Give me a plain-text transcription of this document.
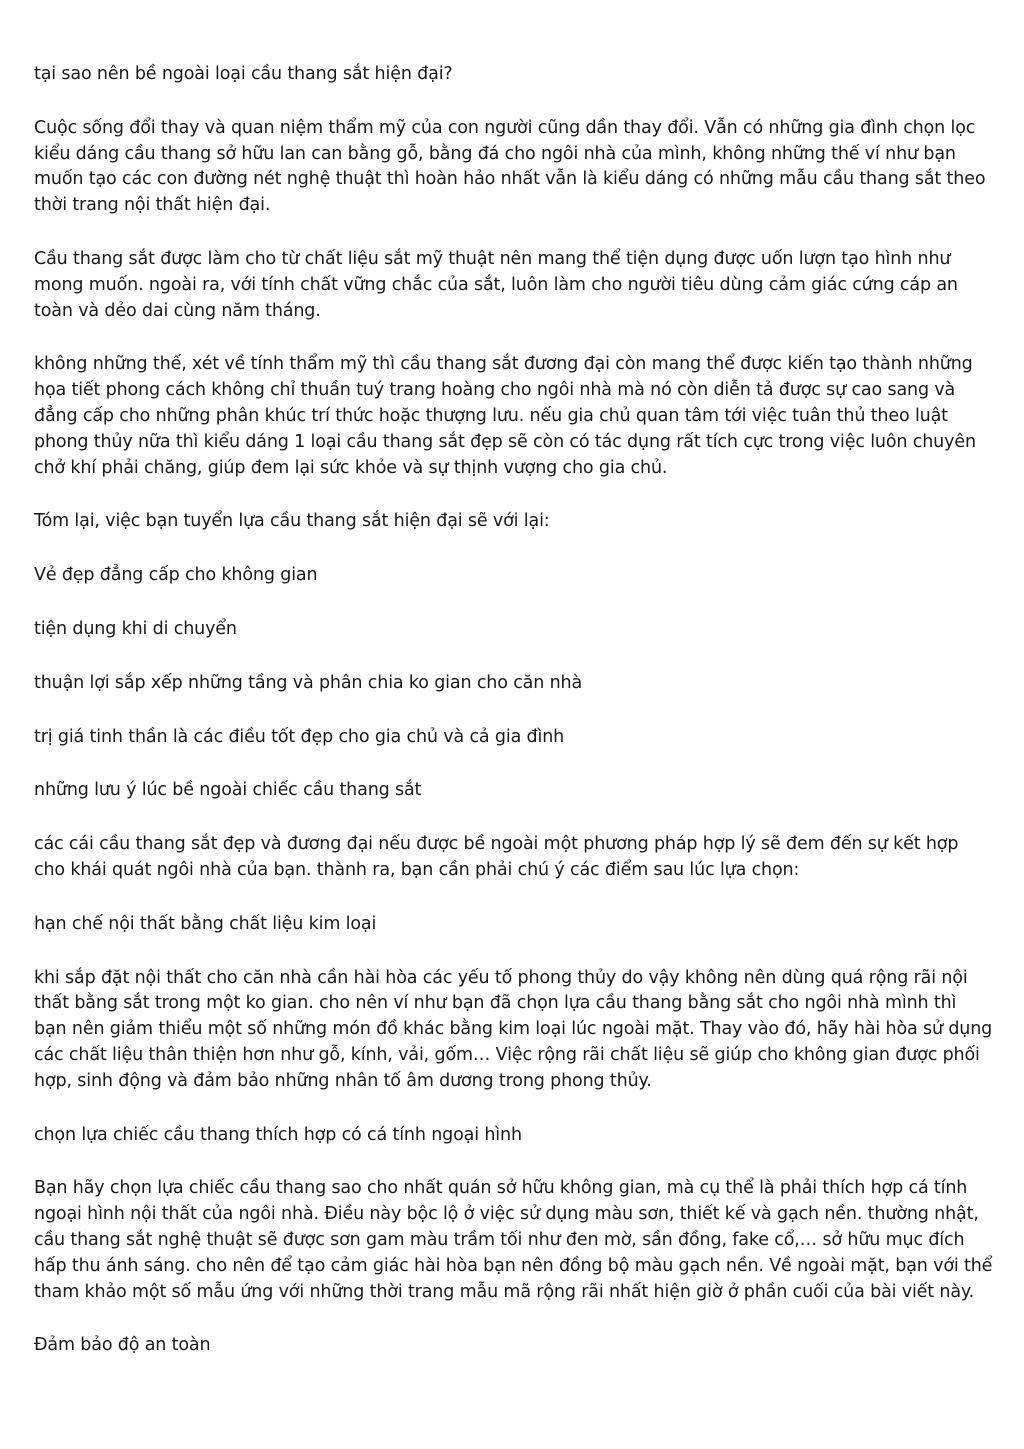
tại sao nên bề ngoài loại cầu thang sắt hiện đại?

Cuộc sống đổi thay và quan niệm thẩm mỹ của con người cũng dần thay đổi. Vẫn có những gia đình chọn lọc kiểu dáng cầu thang sở hữu lan can bằng gỗ, bằng đá cho ngôi nhà của mình, không những thế ví như bạn muốn tạo các con đường nét nghệ thuật thì hoàn hảo nhất vẫn là kiểu dáng có những mẫu cầu thang sắt theo thời trang nội thất hiện đại.

Cầu thang sắt được làm cho từ chất liệu sắt mỹ thuật nên mang thể tiện dụng được uốn lượn tạo hình như mong muốn. ngoài ra, với tính chất vững chắc của sắt, luôn làm cho người tiêu dùng cảm giác cứng cáp an toàn và dẻo dai cùng năm tháng.

không những thế, xét về tính thẩm mỹ thì cầu thang sắt đương đại còn mang thể được kiến tạo thành những họa tiết phong cách không chỉ thuần tuý trang hoàng cho ngôi nhà mà nó còn diễn tả được sự cao sang và đẳng cấp cho những phân khúc trí thức hoặc thượng lưu. nếu gia chủ quan tâm tới việc tuân thủ theo luật phong thủy nữa thì kiểu dáng 1 loại cầu thang sắt đẹp sẽ còn có tác dụng rất tích cực trong việc luôn chuyên chở khí phải chăng, giúp đem lại sức khỏe và sự thịnh vượng cho gia chủ.

Tóm lại, việc bạn tuyển lựa cầu thang sắt hiện đại sẽ với lại:

Vẻ đẹp đẳng cấp cho không gian

tiện dụng khi di chuyển

thuận lợi sắp xếp những tầng và phân chia ko gian cho căn nhà

trị giá tinh thần là các điều tốt đẹp cho gia chủ và cả gia đình

những lưu ý lúc bề ngoài chiếc cầu thang sắt

các cái cầu thang sắt đẹp và đương đại nếu được bề ngoài một phương pháp hợp lý sẽ đem đến sự kết hợp cho khái quát ngôi nhà của bạn. thành ra, bạn cần phải chú ý các điểm sau lúc lựa chọn:

hạn chế nội thất bằng chất liệu kim loại

khi sắp đặt nội thất cho căn nhà cần hài hòa các yếu tố phong thủy do vậy không nên dùng quá rộng rãi nội thất bằng sắt trong một ko gian. cho nên ví như bạn đã chọn lựa cầu thang bằng sắt cho ngôi nhà mình thì bạn nên giảm thiểu một số những món đồ khác bằng kim loại lúc ngoài mặt. Thay vào đó, hãy hài hòa sử dụng các chất liệu thân thiện hơn như gỗ, kính, vải, gốm… Việc rộng rãi chất liệu sẽ giúp cho không gian được phối hợp, sinh động và đảm bảo những nhân tố âm dương trong phong thủy.

chọn lựa chiếc cầu thang thích hợp có cá tính ngoại hình

Bạn hãy chọn lựa chiếc cầu thang sao cho nhất quán sở hữu không gian, mà cụ thể là phải thích hợp cá tính ngoại hình nội thất của ngôi nhà. Điều này bộc lộ ở việc sử dụng màu sơn, thiết kế và gạch nền. thường nhật, cầu thang sắt nghệ thuật sẽ được sơn gam màu trầm tối như đen mờ, sần đồng, fake cổ,… sở hữu mục đích hấp thu ánh sáng. cho nên để tạo cảm giác hài hòa bạn nên đồng bộ màu gạch nền. Về ngoài mặt, bạn với thể tham khảo một số mẫu ứng với những thời trang mẫu mã rộng rãi nhất hiện giờ ở phần cuối của bài viết này.

Đảm bảo độ an toàn
